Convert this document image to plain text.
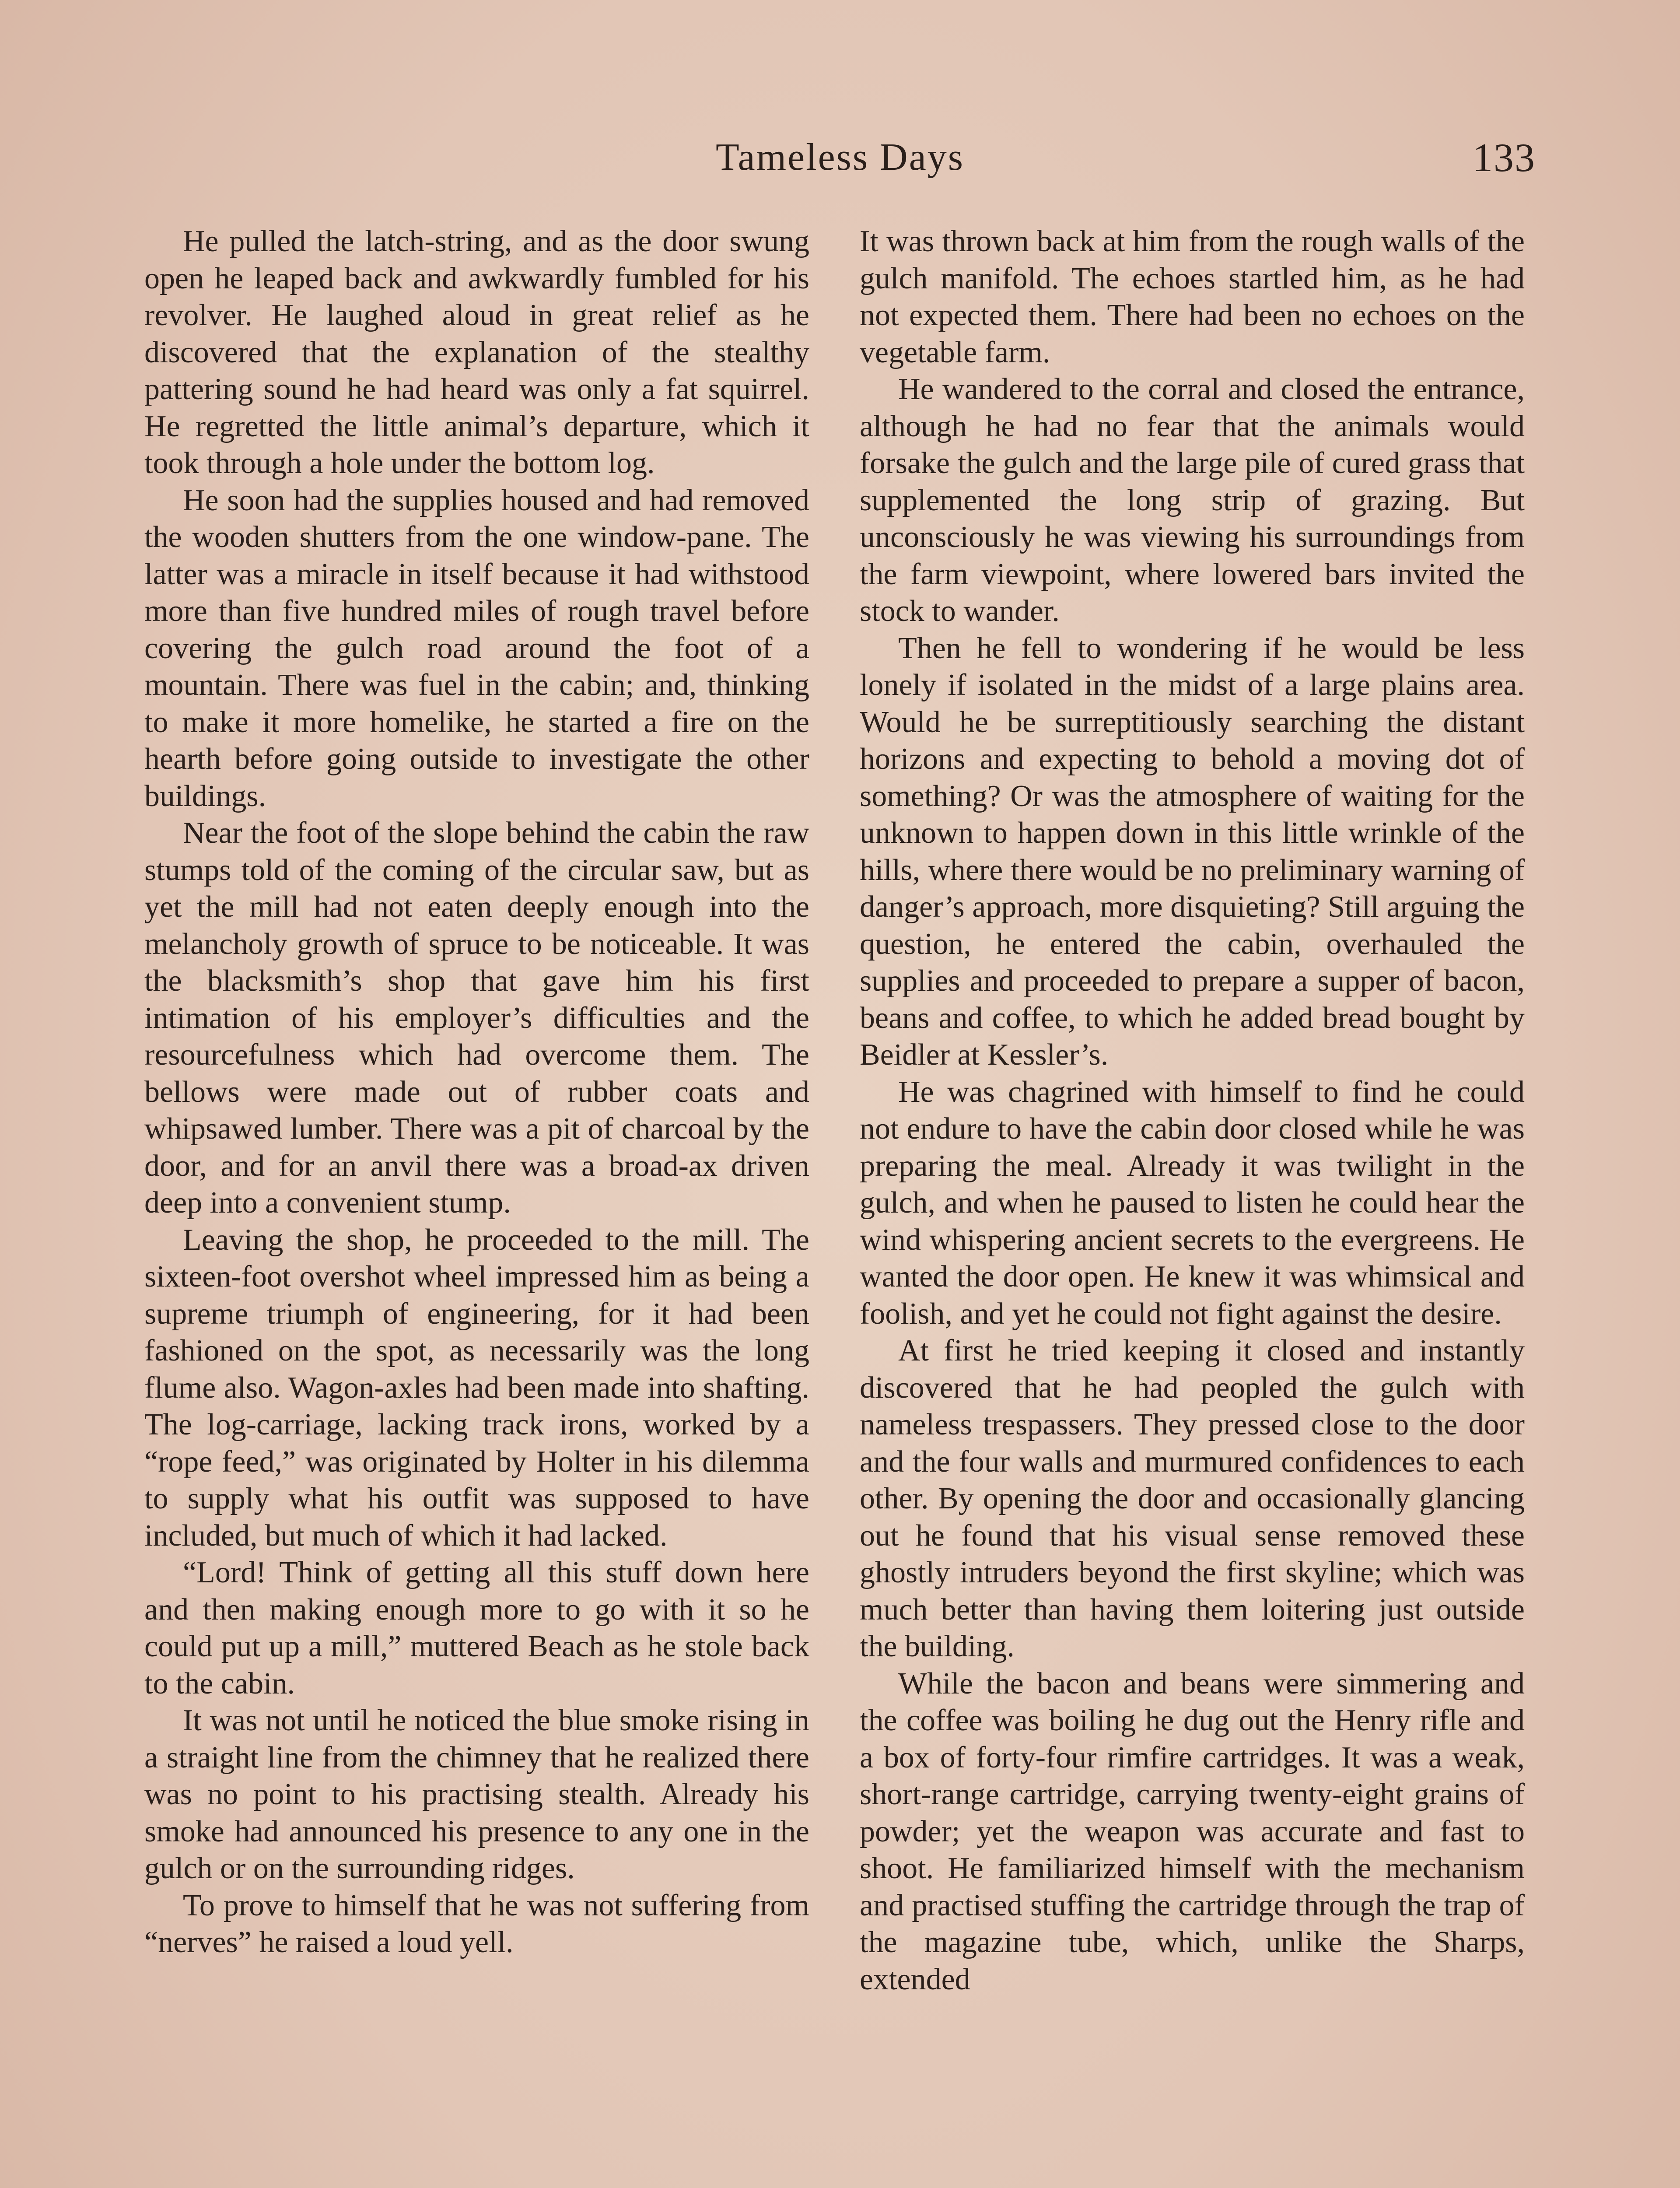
Tameless Days	133

He pulled the latch-string, and as the door swung open he leaped back and awkwardly fumbled for his revolver. He laughed aloud in great relief as he discovered that the explanation of the stealthy pattering sound he had heard was only a fat squirrel. He regretted the little animal’s departure, which it took through a hole under the bottom log.

He soon had the supplies housed and had removed the wooden shutters from the one window-pane. The latter was a miracle in itself because it had withstood more than five hundred miles of rough travel before covering the gulch road around the foot of a mountain. There was fuel in the cabin; and, thinking to make it more homelike, he started a fire on the hearth before going outside to investigate the other buildings.

Near the foot of the slope behind the cabin the raw stumps told of the coming of the circular saw, but as yet the mill had not eaten deeply enough into the melancholy growth of spruce to be noticeable. It was the blacksmith’s shop that gave him his first intimation of his employer’s difficulties and the resourcefulness which had overcome them. The bellows were made out of rubber coats and whipsawed lumber. There was a pit of charcoal by the door, and for an anvil there was a broad-ax driven deep into a convenient stump.

Leaving the shop, he proceeded to the mill. The sixteen-foot overshot wheel impressed him as being a supreme triumph of engineering, for it had been fashioned on the spot, as necessarily was the long flume also. Wagon-axles had been made into shafting. The log-carriage, lacking track irons, worked by a “rope feed,” was originated by Holter in his dilemma to supply what his outfit was supposed to have included, but much of which it had lacked.

“Lord! Think of getting all this stuff down here and then making enough more to go with it so he could put up a mill,” muttered Beach as he stole back to the cabin.

It was not until he noticed the blue smoke rising in a straight line from the chimney that he realized there was no point to his practising stealth. Already his smoke had announced his presence to any one in the gulch or on the surrounding ridges.

To prove to himself that he was not suffering from “nerves” he raised a loud yell.

It was thrown back at him from the rough walls of the gulch manifold. The echoes startled him, as he had not expected them. There had been no echoes on the vegetable farm.

He wandered to the corral and closed the entrance, although he had no fear that the animals would forsake the gulch and the large pile of cured grass that supplemented the long strip of grazing. But unconsciously he was viewing his surroundings from the farm viewpoint, where lowered bars invited the stock to wander.

Then he fell to wondering if he would be less lonely if isolated in the midst of a large plains area. Would he be surreptitiously searching the distant horizons and expecting to behold a moving dot of something? Or was the atmosphere of waiting for the unknown to happen down in this little wrinkle of the hills, where there would be no preliminary warning of danger’s approach, more disquieting? Still arguing the question, he entered the cabin, overhauled the supplies and proceeded to prepare a supper of bacon, beans and coffee, to which he added bread bought by Beidler at Kessler’s.

He was chagrined with himself to find he could not endure to have the cabin door closed while he was preparing the meal. Already it was twilight in the gulch, and when he paused to listen he could hear the wind whispering ancient secrets to the evergreens. He wanted the door open. He knew it was whimsical and foolish, and yet he could not fight against the desire.

At first he tried keeping it closed and instantly discovered that he had peopled the gulch with nameless trespassers. They pressed close to the door and the four walls and murmured confidences to each other. By opening the door and occasionally glancing out he found that his visual sense removed these ghostly intruders beyond the first skyline; which was much better than having them loitering just outside the building.

While the bacon and beans were simmering and the coffee was boiling he dug out the Henry rifle and a box of forty-four rimfire cartridges. It was a weak, short-range cartridge, carrying twenty-eight grains of powder; yet the weapon was accurate and fast to shoot. He familiarized himself with the mechanism and practised stuffing the cartridge through the trap of the magazine tube, which, unlike the Sharps, extended
